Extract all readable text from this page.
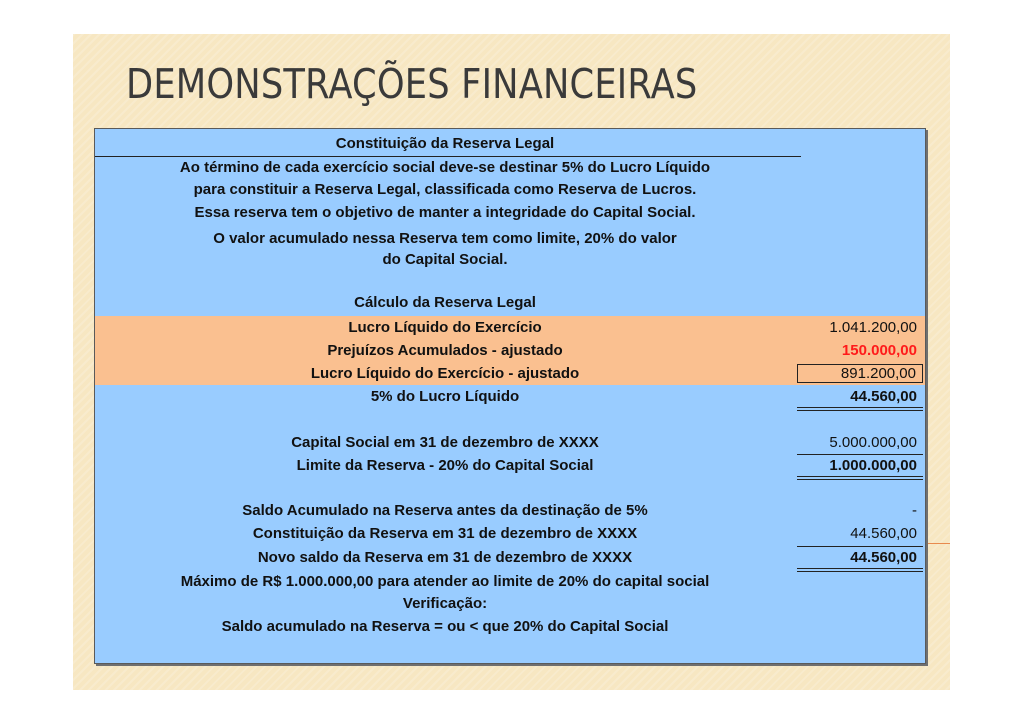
DEMONSTRAÇÕES FINANCEIRAS
Constituição da Reserva Legal
Ao término de cada exercício social deve-se destinar 5% do Lucro Líquido
para constituir a Reserva Legal, classificada como Reserva de Lucros.
Essa reserva tem o objetivo de manter a integridade do Capital Social.
O valor acumulado nessa Reserva tem como limite, 20% do valor
do Capital Social.
Cálculo da Reserva Legal
Lucro Líquido do Exercício	1.041.200,00
Prejuízos Acumulados - ajustado	150.000,00
Lucro Líquido do Exercício - ajustado	891.200,00
5% do Lucro Líquido	44.560,00
Capital Social em 31 de dezembro de XXXX	5.000.000,00
Limite da Reserva - 20% do Capital Social	1.000.000,00
Saldo Acumulado na Reserva antes da destinação de 5%	-
Constituição da Reserva em 31 de dezembro de XXXX	44.560,00
Novo saldo da Reserva em 31 de dezembro de XXXX	44.560,00
Máximo de R$ 1.000.000,00 para atender ao limite de 20% do capital social
Verificação:
Saldo acumulado na Reserva = ou < que 20% do Capital Social
